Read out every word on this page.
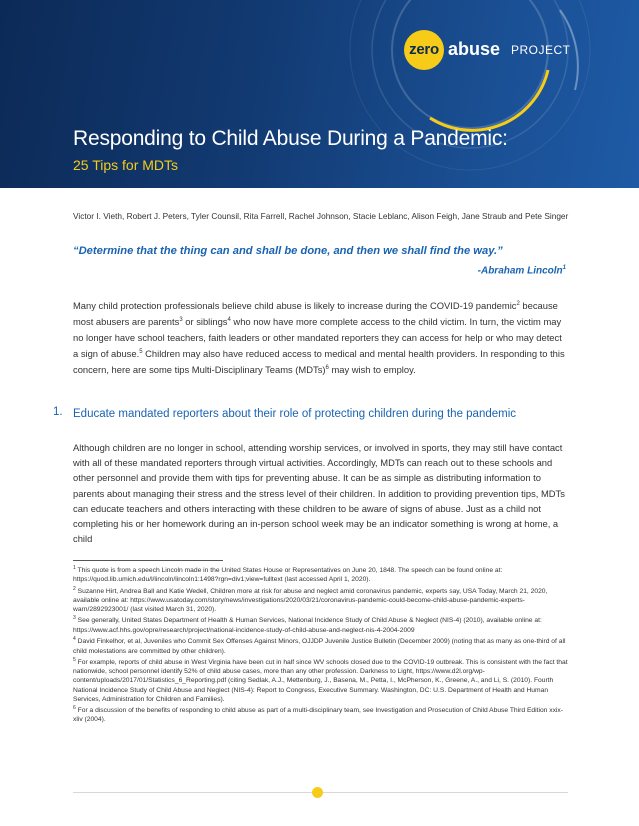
zero abuse PROJECT
Responding to Child Abuse During a Pandemic:
25 Tips for MDTs
Victor I. Vieth, Robert J. Peters, Tyler Counsil, Rita Farrell, Rachel Johnson, Stacie Leblanc, Alison Feigh, Jane Straub and Pete Singer
“Determine that the thing can and shall be done, and then we shall find the way.”
-Abraham Lincoln$^1$
Many child protection professionals believe child abuse is likely to increase during the COVID-19 pandemic$^2$ because most abusers are parents$^3$ or siblings$^4$ who now have more complete access to the child victim. In turn, the victim may no longer have school teachers, faith leaders or other mandated reporters they can access for help or who may detect a sign of abuse.$^5$ Children may also have reduced access to medical and mental health providers. In responding to this concern, here are some tips Multi-Disciplinary Teams (MDTs)$^6$ may wish to employ.
1. Educate mandated reporters about their role of protecting children during the pandemic
Although children are no longer in school, attending worship services, or involved in sports, they may still have contact with all of these mandated reporters through virtual activities. Accordingly, MDTs can reach out to these schools and other personnel and provide them with tips for preventing abuse. It can be as simple as distributing information to parents about managing their stress and the stress level of their children. In addition to providing prevention tips, MDTs can educate teachers and others interacting with these children to be aware of signs of abuse. Just as a child not completing his or her homework during an in-person school week may be an indicator something is wrong at home, a child

$^1$ This quote is from a speech Lincoln made in the United States House or Representatives on June 20, 1848. The speech can be found online at: https://quod.lib.umich.edu/l/lincoln/lincoln1:1498?rgn=div1;view=fulltext (last accessed April 1, 2020).

$^2$ Suzanne Hirt, Andrea Ball and Katie Wedell, Children more at risk for abuse and neglect amid coronavirus pandemic, experts say, USA Today, March 21, 2020, available online at: https://www.usatoday.com/story/news/investigations/2020/03/21/coronavirus-pandemic-could-become-child-abuse-pandemic-experts-warn/2892923001/ (last visited March 31, 2020).

$^3$ See generally, United States Department of Health & Human Services, National Incidence Study of Child Abuse & Neglect (NIS-4) (2010), available online at: https://www.acf.hhs.gov/opre/research/project/national-incidence-study-of-child-abuse-and-neglect-nis-4-2004-2009

$^4$ David Finkelhor, et al, Juveniles who Commit Sex Offenses Against Minors, OJJDP Juvenile Justice Bulletin (December 2009) (noting that as many as one-third of all child molestations are committed by other children).

$^5$ For example, reports of child abuse in West Virginia have been cut in half since WV schools closed due to the COVID-19 outbreak. This is consistent with the fact that nationwide, school personnel identify 52% of child abuse cases, more than any other profession. Darkness to Light, https://www.d2l.org/wp-content/uploads/2017/01/Statistics_6_Reporting.pdf (citing Sedlak, A.J., Mettenburg, J., Basena, M., Petta, I., McPherson, K., Greene, A., and Li, S. (2010). Fourth National Incidence Study of Child Abuse and Neglect (NIS-4): Report to Congress, Executive Summary. Washington, DC: U.S. Department of Health and Human Services, Administration for Children and Families).

$^6$ For a discussion of the benefits of responding to child abuse as part of a multi-disciplinary team, see Investigation and Prosecution of Child Abuse Third Edition xxix-xliv (2004).
